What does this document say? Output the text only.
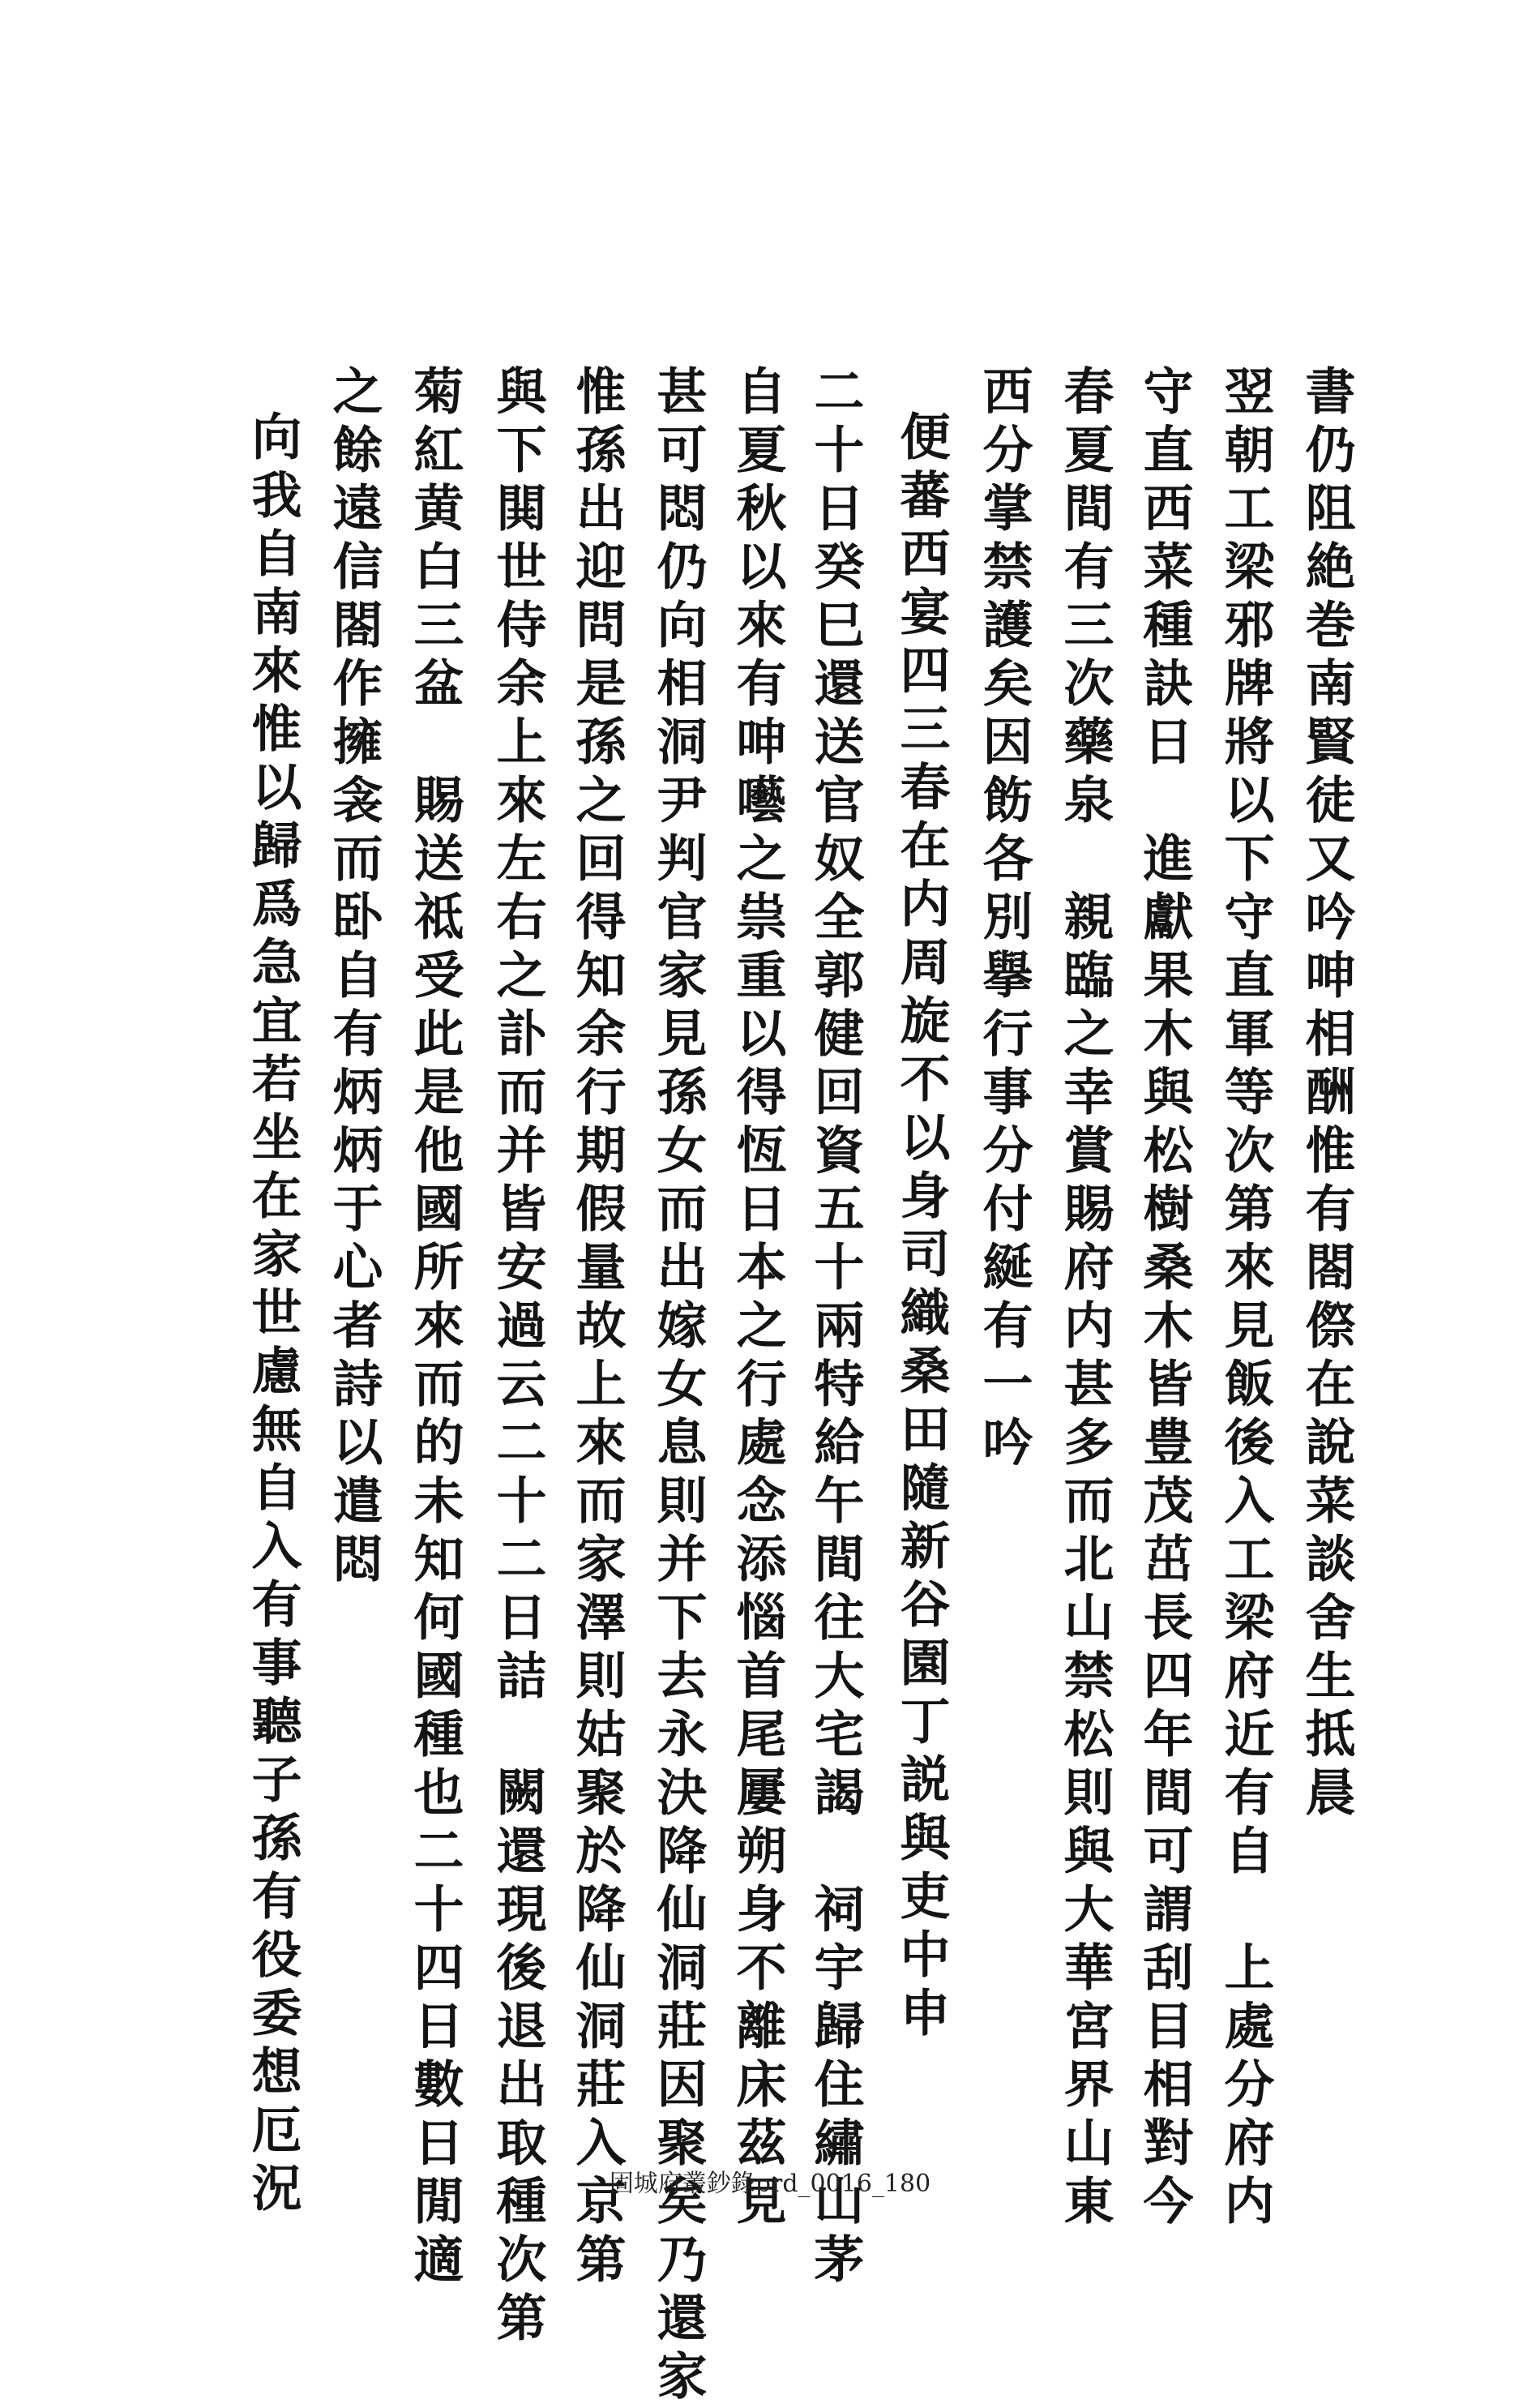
書仍阻絶巻南賢徒又吟呻相酬惟有閤傺在說菜談舍生抵晨
翌朝工梁邪牌將以下守直軍等次第來見飯後入工梁府近有自　上處分府内
守直西菜種訣日　進獻果木與松樹桑木皆豊茂茁長四年間可謂刮目相對今
春夏間有三次藥泉　親臨之幸賞賜府内甚多而北山禁松則與大華宮界山東
西分掌禁護矣因飭各別擧行事分付綖有一吟
便蕃西宴四三春在内周旋不以身司織桑田隨新谷園丁説與吏中申
二十日癸巳還送官奴全郭健回資五十兩特給午間往大宅謁　祠宇歸住繡山茅
自夏秋以來有呻囈之祟重以得恆日本之行處念添惱首尾屢朔身不離床茲見
甚可悶仍向相洞尹判官家見孫女而出嫁女息則并下去永決降仙洞莊因聚矣乃還家
惟孫出迎問是孫之回得知余行期假量故上來而家澤則姑聚於降仙洞莊入京第
與下閧世侍余上來左右之訃而并皆安過云二十二日詰　闕還現後退出取種次第
菊紅黄白三盆　賜送祗受此是他國所來而的未知何國種也二十四日數日閒適
之餘遠信閤作擁衾而卧自有炳炳于心者詩以遣悶
向我自南來惟以歸爲急宜若坐在家世慮無自入有事聽子孫有役委想厄況	固城府叢鈔錄prd_0016_180
